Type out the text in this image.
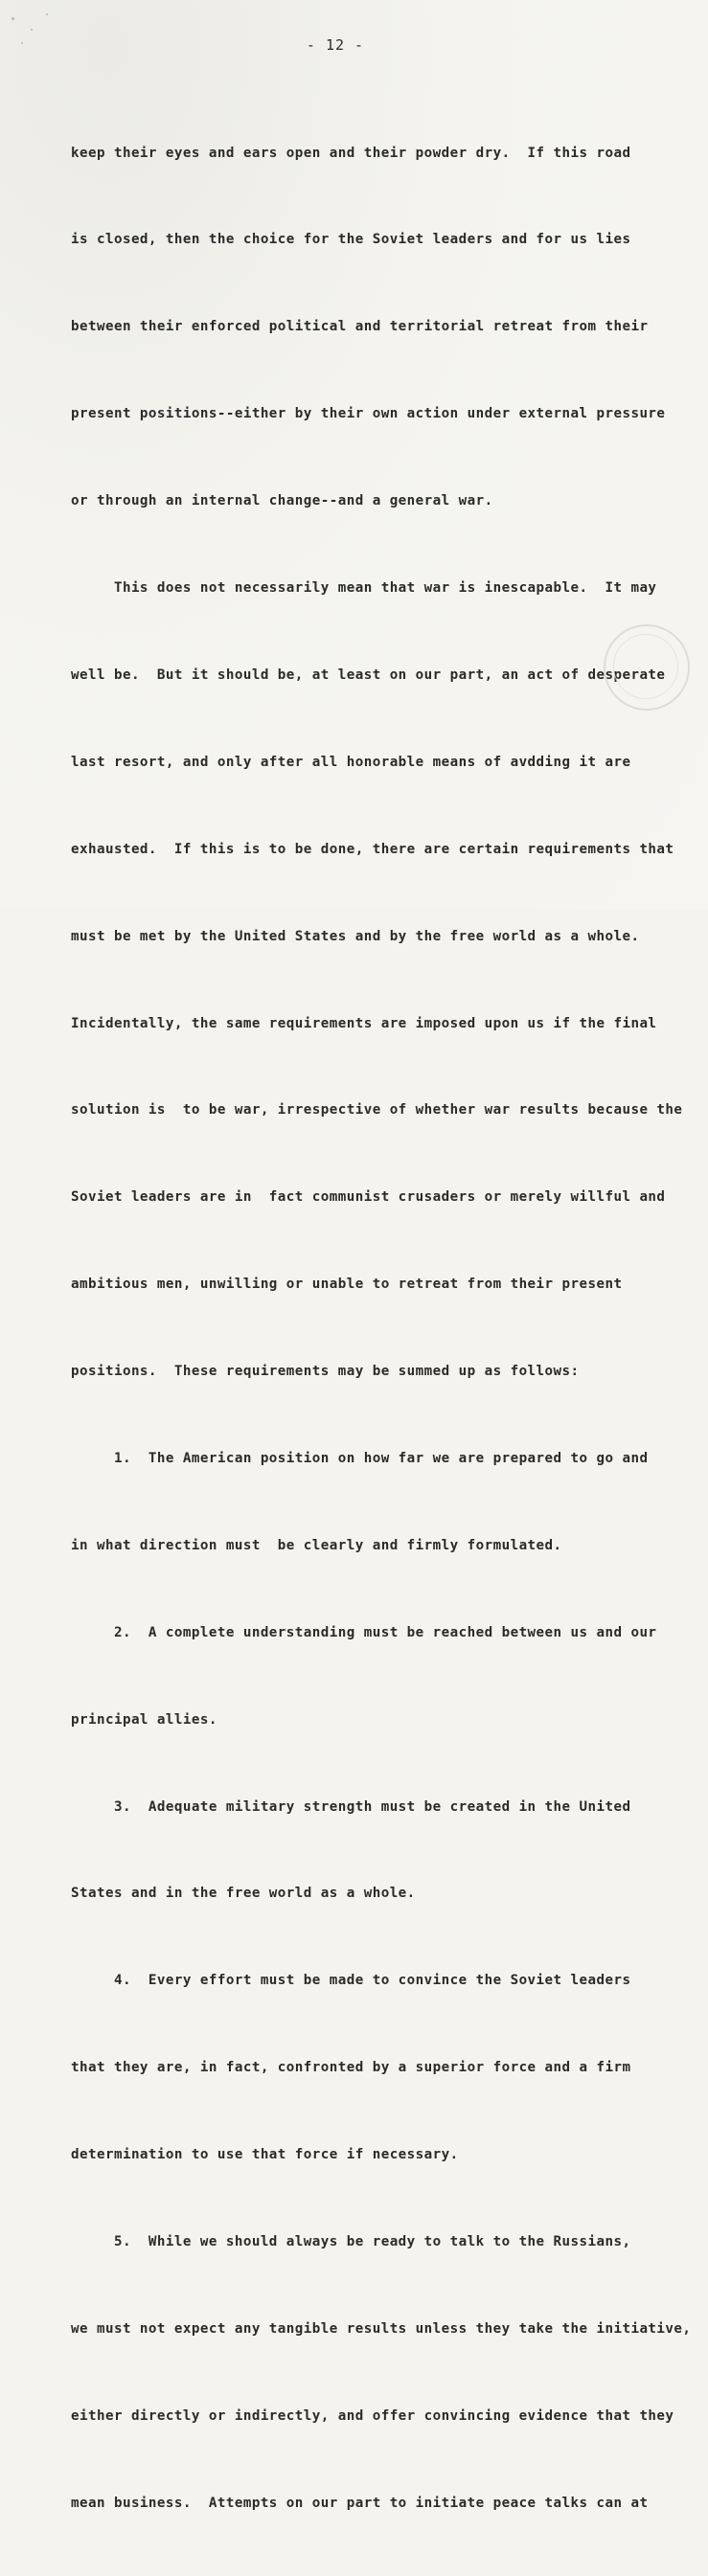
- 12 -

keep their eyes and ears open and their powder dry.  If this road

is closed, then the choice for the Soviet leaders and for us lies

between their enforced political and territorial retreat from their

present positions--either by their own action under external pressure

or through an internal change--and a general war.

This does not necessarily mean that war is inescapable.  It may

well be.  But it should be, at least on our part, an act of desperate

last resort, and only after all honorable means of avdding it are

exhausted.  If this is to be done, there are certain requirements that

must be met by the United States and by the free world as a whole.

Incidentally, the same requirements are imposed upon us if the final

solution is  to be war, irrespective of whether war results because the

Soviet leaders are in  fact communist crusaders or merely willful and

ambitious men, unwilling or unable to retreat from their present

positions.  These requirements may be summed up as follows:

1.  The American position on how far we are prepared to go and

in what direction must  be clearly and firmly formulated.

2.  A complete understanding must be reached between us and our

principal allies.

3.  Adequate military strength must be created in the United

States and in the free world as a whole.

4.  Every effort must be made to convince the Soviet leaders

that they are, in fact, confronted by a superior force and a firm

determination to use that force if necessary.

5.  While we should always be ready to talk to the Russians,

we must not expect any tangible results unless they take the initiative,

either directly or indirectly, and offer convincing evidence that they

mean business.  Attempts on our part to initiate peace talks can at
